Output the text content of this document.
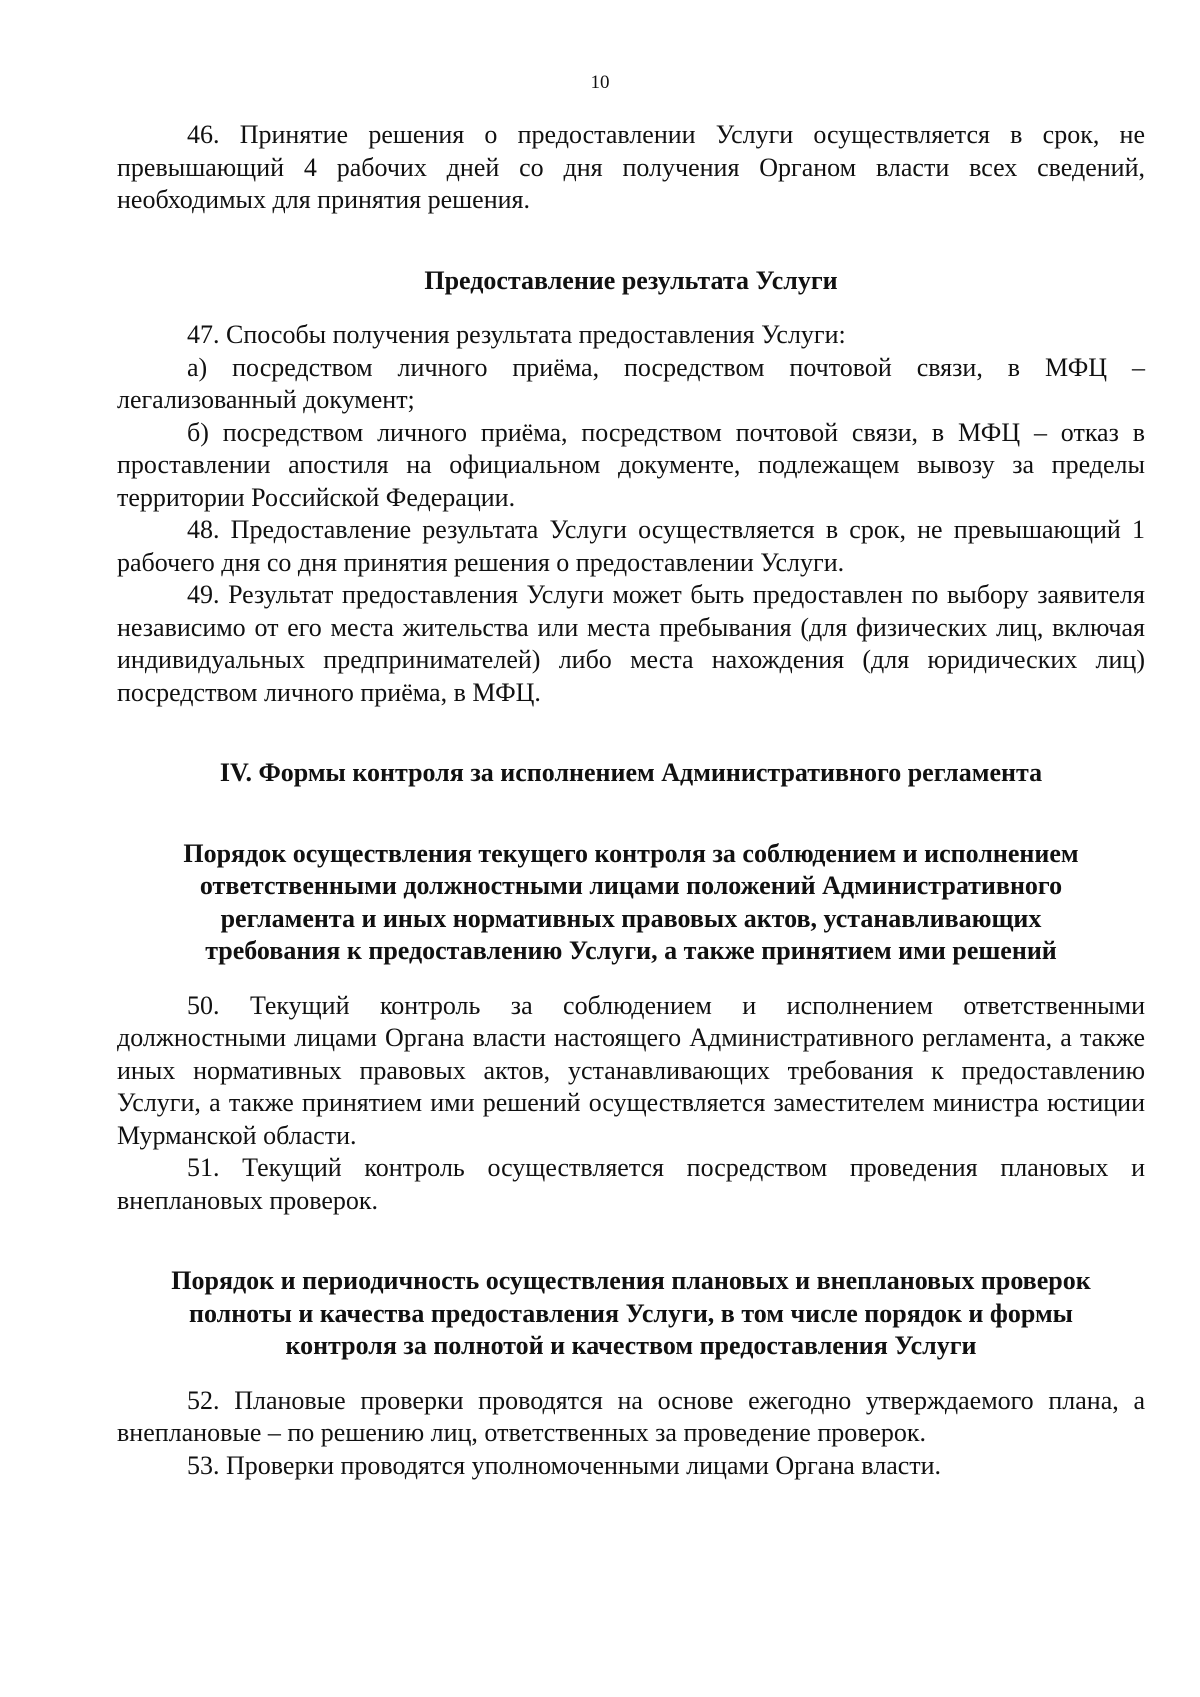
10

46. Принятие решения о предоставлении Услуги осуществляется в срок, не превышающий 4 рабочих дней со дня получения Органом власти всех сведений, необходимых для принятия решения.

Предоставление результата Услуги

47. Способы получения результата предоставления Услуги:

а) посредством личного приёма, посредством почтовой связи, в МФЦ – легализованный документ;

б) посредством личного приёма, посредством почтовой связи, в МФЦ – отказ в проставлении апостиля на официальном документе, подлежащем вывозу за пределы территории Российской Федерации.

48. Предоставление результата Услуги осуществляется в срок, не превышающий 1 рабочего дня со дня принятия решения о предоставлении Услуги.

49. Результат предоставления Услуги может быть предоставлен по выбору заявителя независимо от его места жительства или места пребывания (для физических лиц, включая индивидуальных предпринимателей) либо места нахождения (для юридических лиц) посредством личного приёма, в МФЦ.

IV. Формы контроля за исполнением Административного регламента

Порядок осуществления текущего контроля за соблюдением и исполнением

ответственными должностными лицами положений Административного

регламента и иных нормативных правовых актов, устанавливающих

требования к предоставлению Услуги, а также принятием ими решений

50. Текущий контроль за соблюдением и исполнением ответственными должностными лицами Органа власти настоящего Административного регламента, а также иных нормативных правовых актов, устанавливающих требования к предоставлению Услуги, а также принятием ими решений осуществляется заместителем министра юстиции Мурманской области.

51. Текущий контроль осуществляется посредством проведения плановых и внеплановых проверок.

Порядок и периодичность осуществления плановых и внеплановых проверок

полноты и качества предоставления Услуги, в том числе порядок и формы

контроля за полнотой и качеством предоставления Услуги

52. Плановые проверки проводятся на основе ежегодно утверждаемого плана, а внеплановые – по решению лиц, ответственных за проведение проверок.

53. Проверки проводятся уполномоченными лицами Органа власти.
